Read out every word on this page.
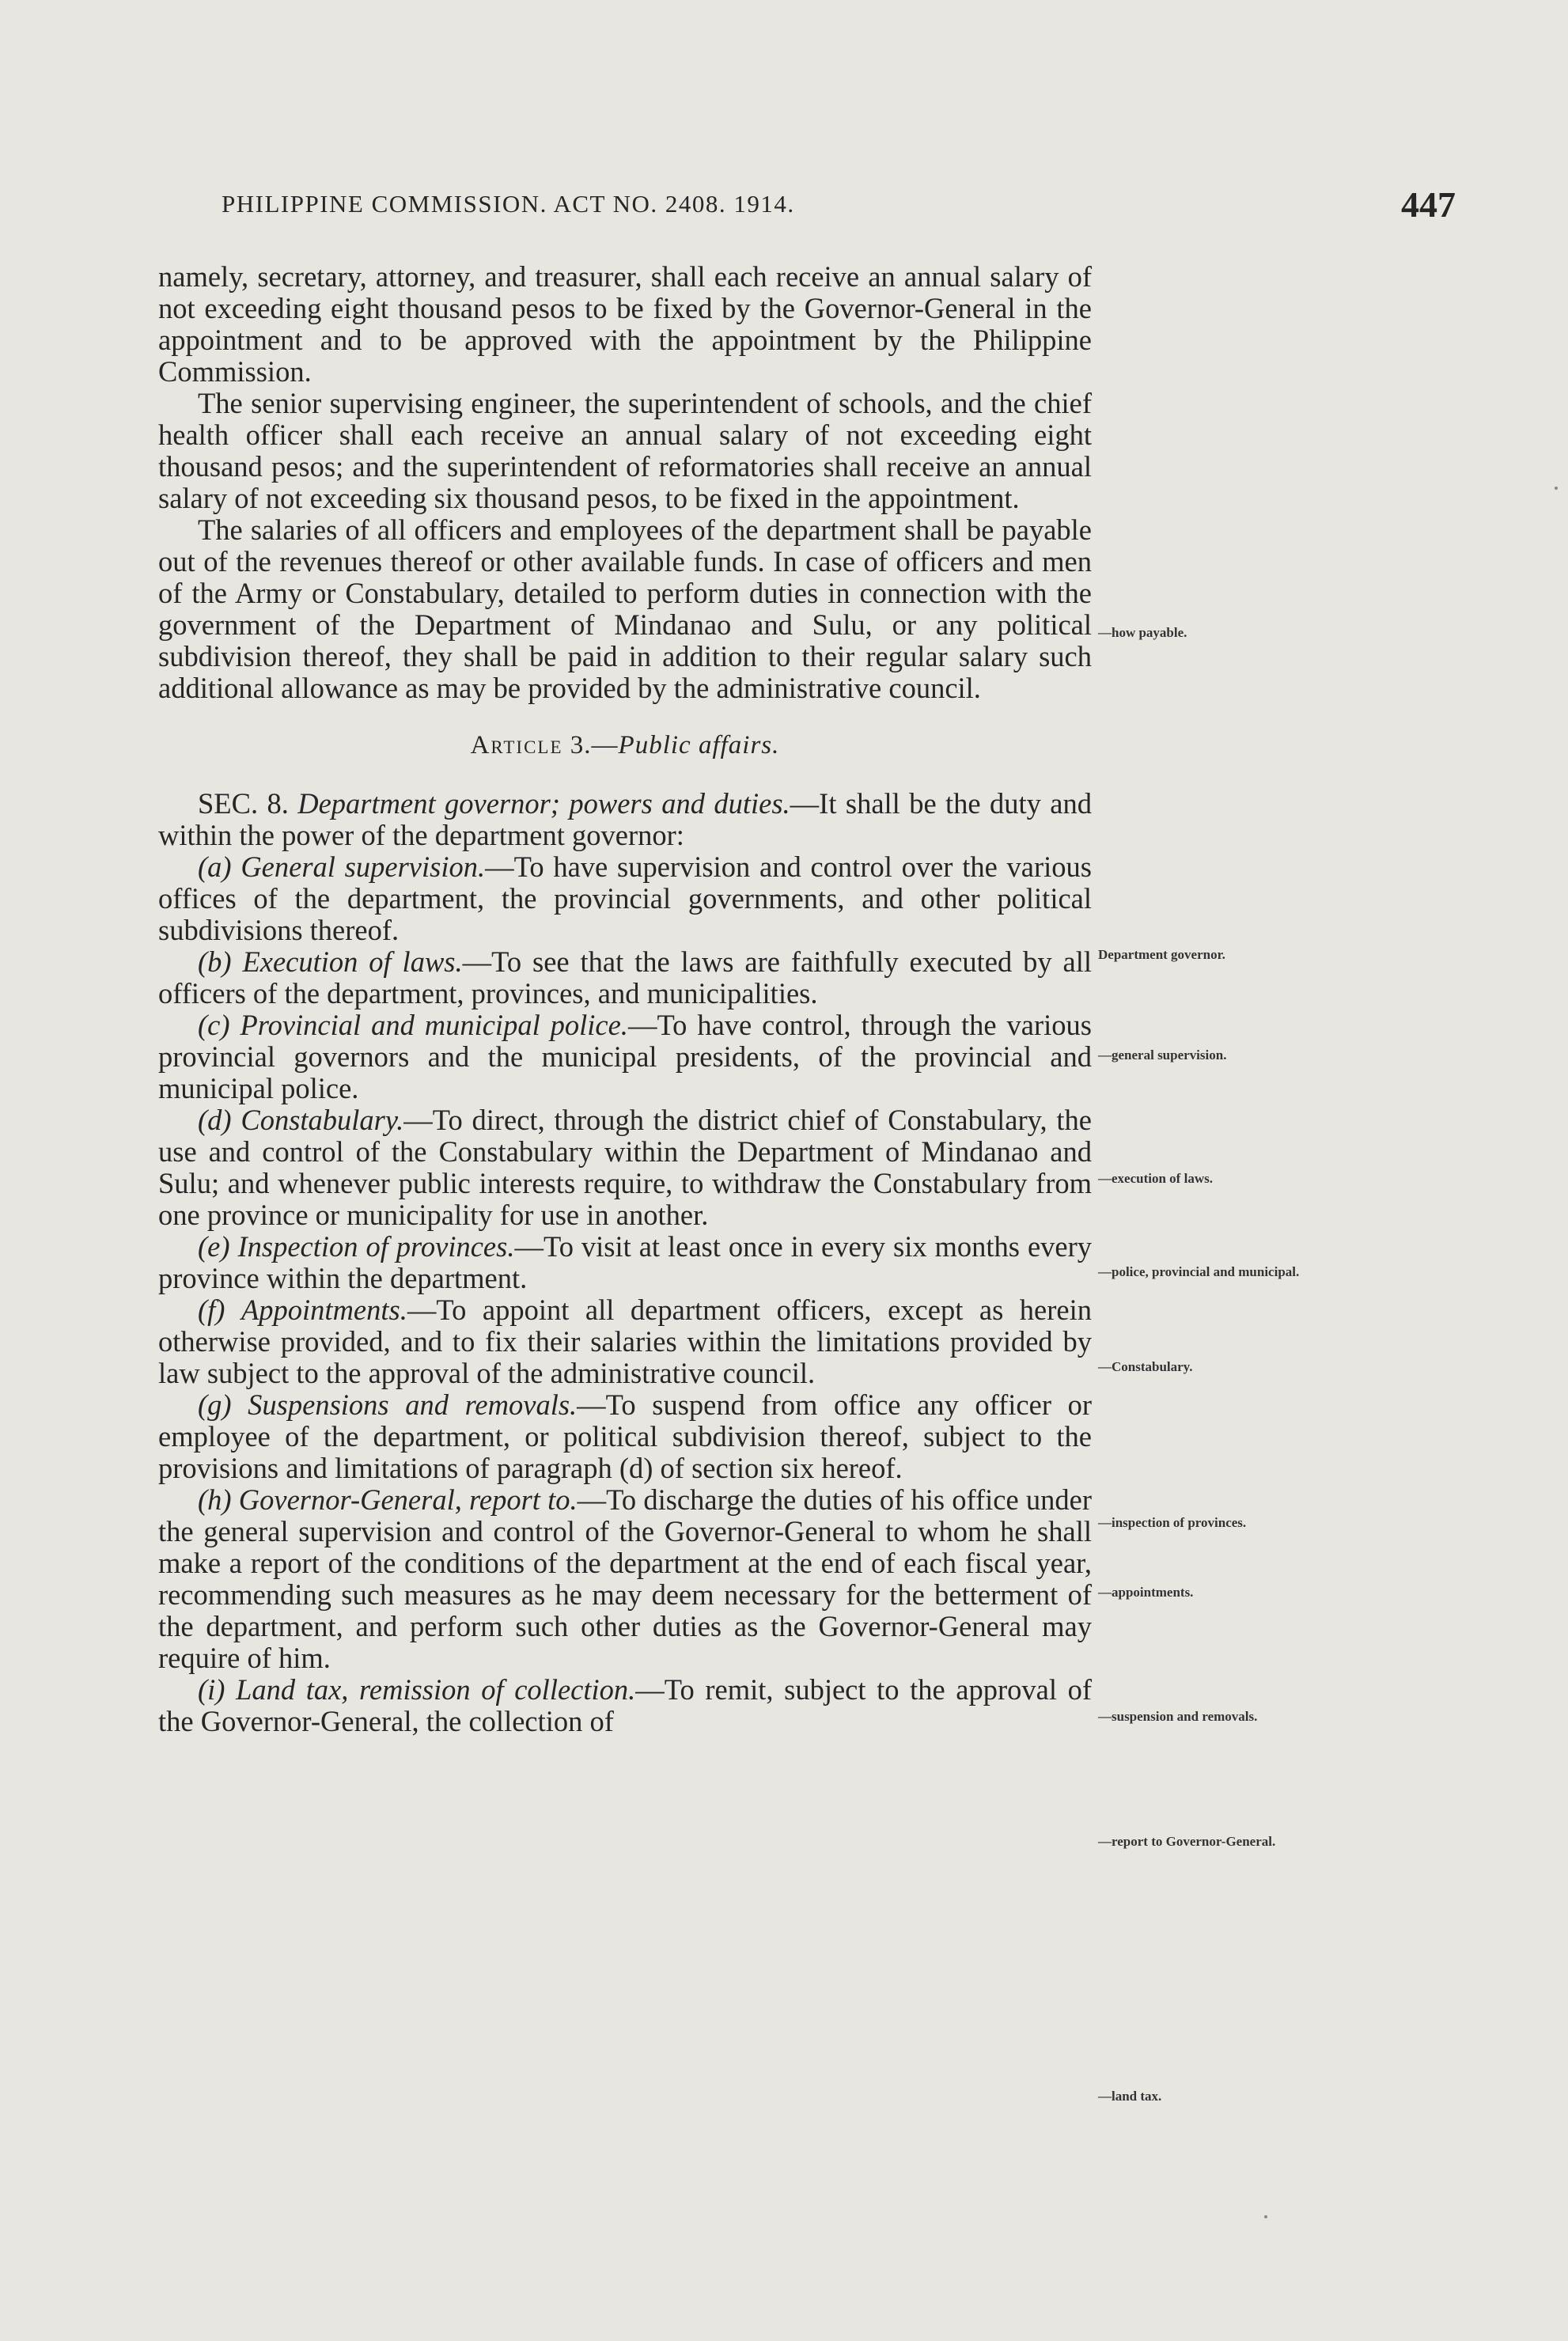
PHILIPPINE COMMISSION. ACT NO. 2408. 1914.	447

namely, secretary, attorney, and treasurer, shall each receive an annual salary of not exceeding eight thousand pesos to be fixed by the Governor-General in the appointment and to be approved with the appointment by the Philippine Commission.

The senior supervising engineer, the superintendent of schools, and the chief health officer shall each receive an annual salary of not exceeding eight thousand pesos; and the superintendent of reformatories shall receive an annual salary of not exceeding six thousand pesos, to be fixed in the appointment.

The salaries of all officers and employees of the department shall be payable out of the revenues thereof or other available funds. In case of officers and men of the Army or Constabulary, detailed to perform duties in connection with the government of the Department of Mindanao and Sulu, or any political subdivision thereof, they shall be paid in addition to their regular salary such additional allowance as may be provided by the administrative council.

Article 3.—Public affairs.

SEC. 8. Department governor; powers and duties.—It shall be the duty and within the power of the department governor:

(a) General supervision.—To have supervision and control over the various offices of the department, the provincial governments, and other political subdivisions thereof.

(b) Execution of laws.—To see that the laws are faithfully executed by all officers of the department, provinces, and municipalities.

(c) Provincial and municipal police.—To have control, through the various provincial governors and the municipal presidents, of the provincial and municipal police.

(d) Constabulary.—To direct, through the district chief of Constabulary, the use and control of the Constabulary within the Department of Mindanao and Sulu; and whenever public interests require, to withdraw the Constabulary from one province or municipality for use in another.

(e) Inspection of provinces.—To visit at least once in every six months every province within the department.

(f) Appointments.—To appoint all department officers, except as herein otherwise provided, and to fix their salaries within the limitations provided by law subject to the approval of the administrative council.

(g) Suspensions and removals.—To suspend from office any officer or employee of the department, or political subdivision thereof, subject to the provisions and limitations of paragraph (d) of section six hereof.

(h) Governor-General, report to.—To discharge the duties of his office under the general supervision and control of the Governor-General to whom he shall make a report of the conditions of the department at the end of each fiscal year, recommending such measures as he may deem necessary for the betterment of the department, and perform such other duties as the Governor-General may require of him.

(i) Land tax, remission of collection.—To remit, subject to the approval of the Governor-General, the collection of

—how payable.
Department governor.
—general supervision.
—execution of laws.
—police, provincial and municipal.
—Constabulary.
—inspection of provinces.
—appointments.
—suspension and removals.
—report to Governor-General.
—land tax.
